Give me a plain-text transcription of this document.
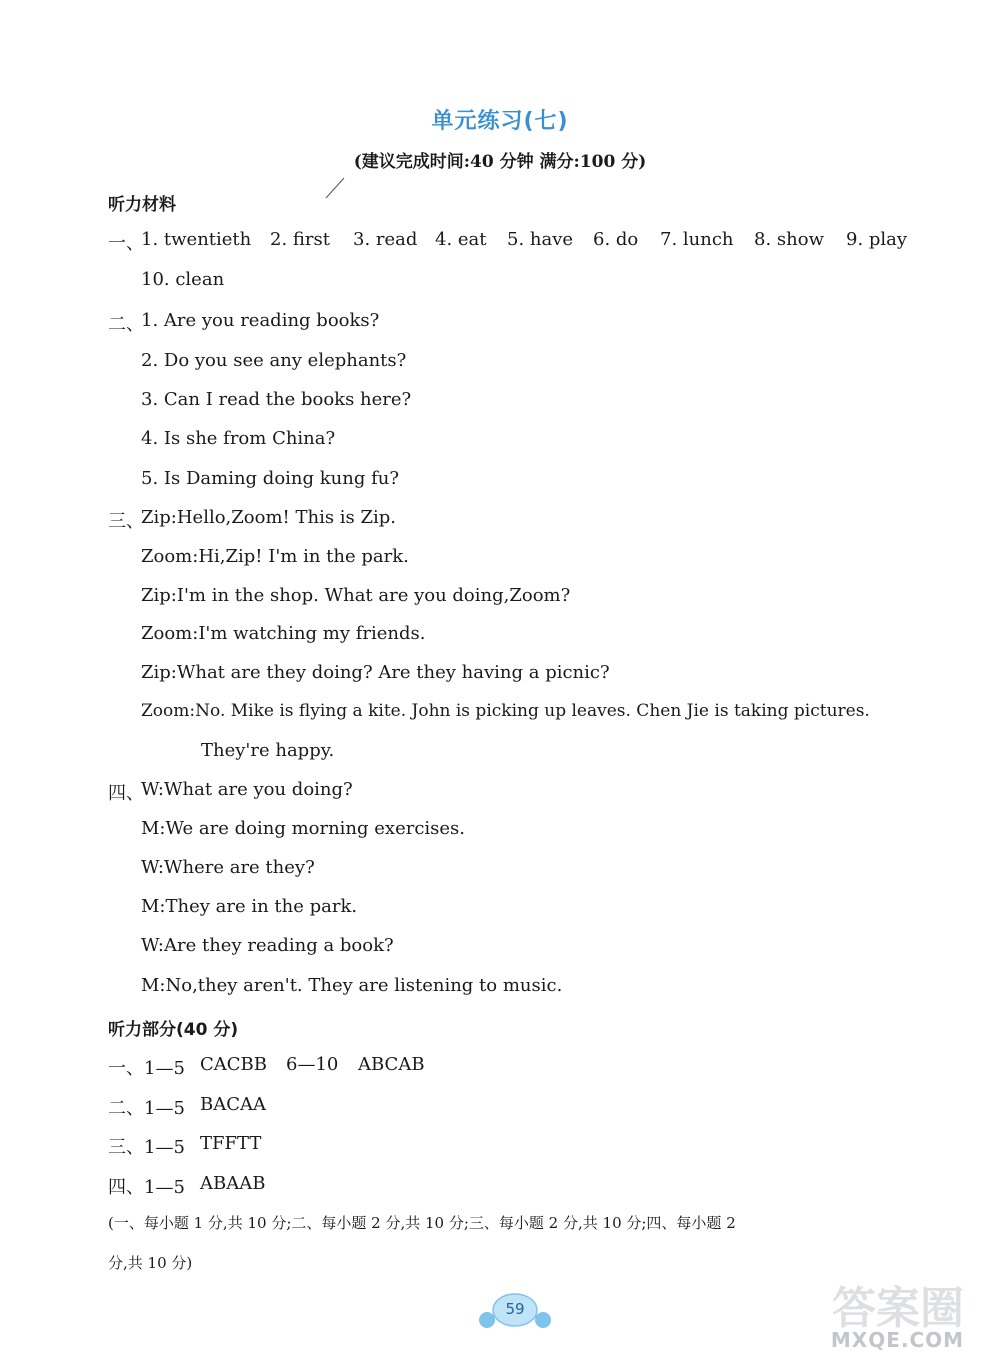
单元练习(七)
(建议完成时间:40 分钟 满分:100 分)
听力材料
一、
1. twentieth 2. first 3. read 4. eat 5. have 6. do 7. lunch 8. show 9. play
10. clean
二、
1. Are you reading books?
2. Do you see any elephants?
3. Can I read the books here?
4. Is she from China?
5. Is Daming doing kung fu?
三、
Zip:Hello,Zoom! This is Zip.
Zoom:Hi,Zip! I'm in the park.
Zip:I'm in the shop. What are you doing,Zoom?
Zoom:I'm watching my friends.
Zip:What are they doing? Are they having a picnic?
Zoom:No. Mike is flying a kite. John is picking up leaves. Chen Jie is taking pictures.
They're happy.
四、
W:What are you doing?
M:We are doing morning exercises.
W:Where are they?
M:They are in the park.
W:Are they reading a book?
M:No,they aren't. They are listening to music.
听力部分(40 分)
一、1—5 CACBB 6—10 ABCAB
二、1—5 BACAA
三、1—5 TFFTT
四、1—5 ABAAB
(一、每小题 1 分,共 10 分;二、每小题 2 分,共 10 分;三、每小题 2 分,共 10 分;四、每小题 2
分,共 10 分)
59	答案圈
MXQE.COM
